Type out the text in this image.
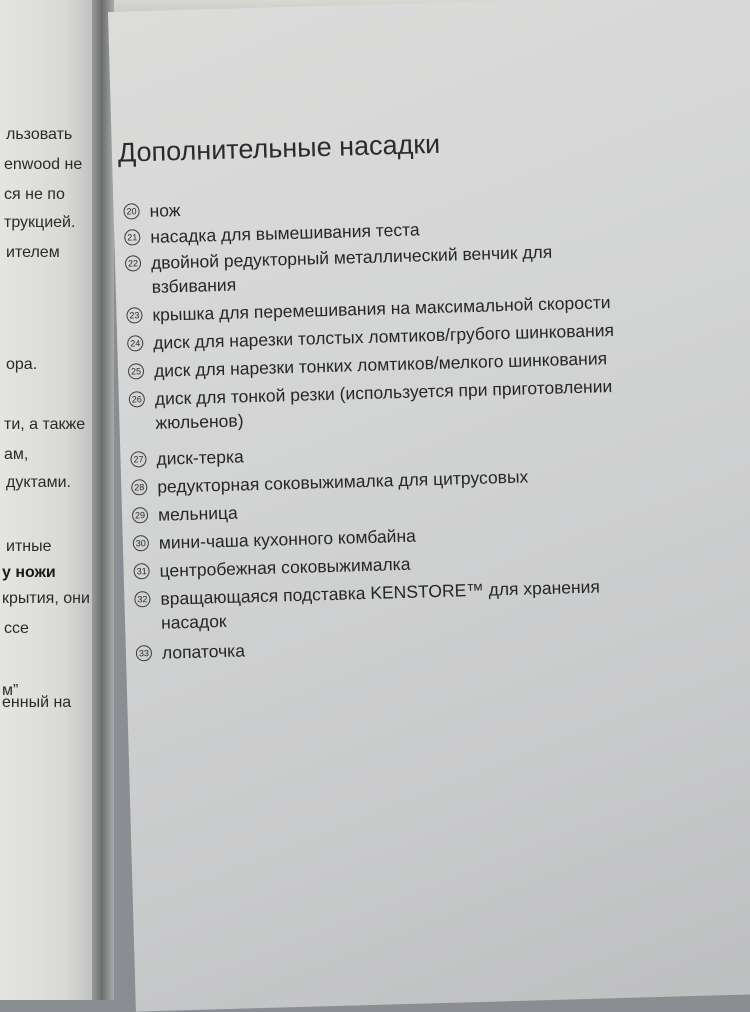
льзовать
enwood не
ся не по
трукцией.
ителем
ора.
ти, а также
ам,
дуктами.
итные
у ножи
крытия, они
ссе
м”
енный на
Дополнительные насадки
20 нож
21 насадка для вымешивания теста
22 двойной редукторный металлический венчик для
взбивания
23 крышка для перемешивания на максимальной скорости
24 диск для нарезки толстых ломтиков/грубого шинкования
25 диск для нарезки тонких ломтиков/мелкого шинкования
26 диск для тонкой резки (используется при приготовлении
жюльенов)
27 диск-терка
28 редукторная соковыжималка для цитрусовых
29 мельница
30 мини-чаша кухонного комбайна
31 центробежная соковыжималка
32 вращающаяся подставка KENSTORE™ для хранения
насадок
33 лопаточка
